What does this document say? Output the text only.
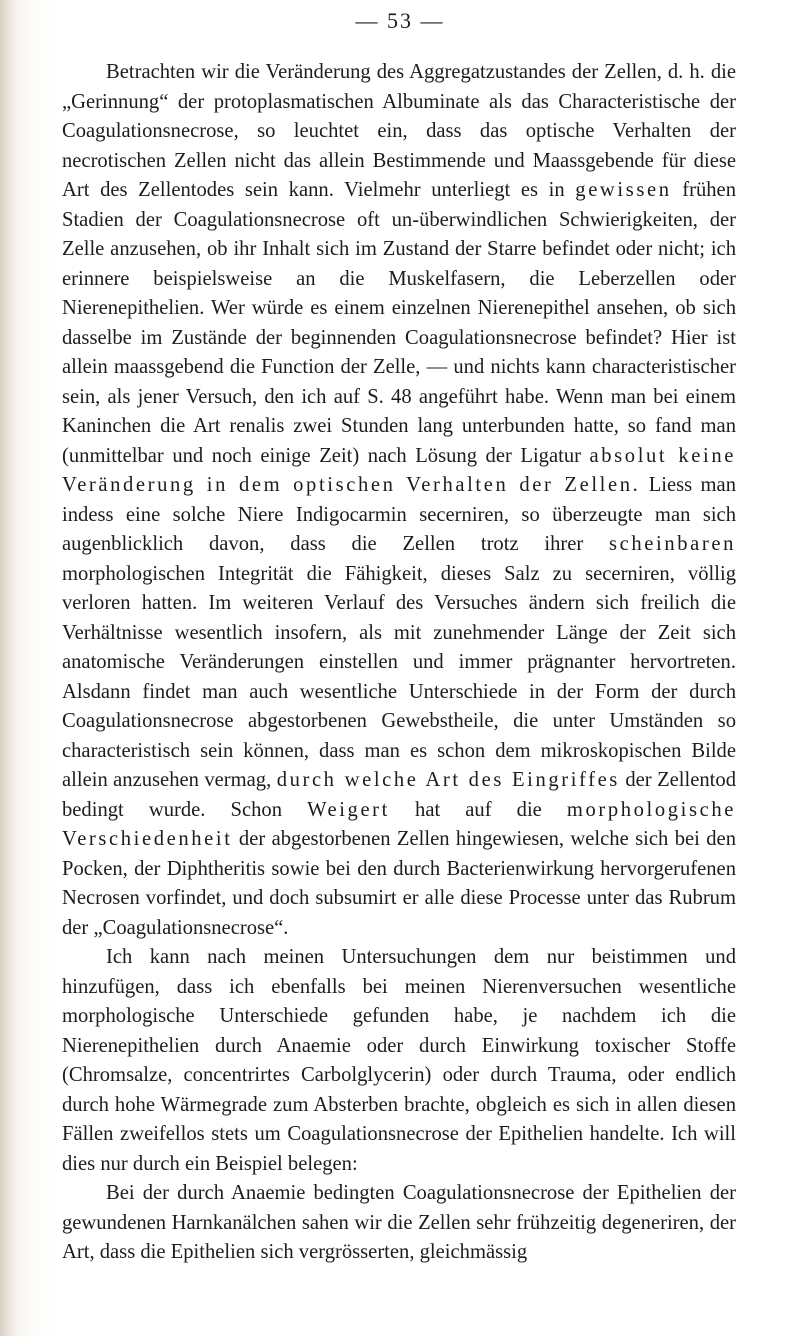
— 53 —

Betrachten wir die Veränderung des Aggregatzustandes der Zellen, d. h. die „Gerinnung“ der protoplasmatischen Albuminate als das Characteristische der Coagulationsnecrose, so leuchtet ein, dass das optische Verhalten der necrotischen Zellen nicht das allein Bestimmende und Maassgebende für diese Art des Zellentodes sein kann. Vielmehr unterliegt es in gewissen frühen Stadien der Coagulationsnecrose oft un-überwindlichen Schwierigkeiten, der Zelle anzusehen, ob ihr Inhalt sich im Zustand der Starre befindet oder nicht; ich erinnere beispielsweise an die Muskelfasern, die Leberzellen oder Nierenepithelien. Wer würde es einem einzelnen Nierenepithel ansehen, ob sich dasselbe im Zustände der beginnenden Coagulationsnecrose befindet? Hier ist allein maassgebend die Function der Zelle, — und nichts kann characteristischer sein, als jener Versuch, den ich auf S. 48 angeführt habe. Wenn man bei einem Kaninchen die Art renalis zwei Stunden lang unterbunden hatte, so fand man (unmittelbar und noch einige Zeit) nach Lösung der Ligatur absolut keine Veränderung in dem optischen Verhalten der Zellen. Liess man indess eine solche Niere Indigocarmin secerniren, so überzeugte man sich augenblicklich davon, dass die Zellen trotz ihrer scheinbaren morphologischen Integrität die Fähigkeit, dieses Salz zu secerniren, völlig verloren hatten. Im weiteren Verlauf des Versuches ändern sich freilich die Verhältnisse wesentlich insofern, als mit zunehmender Länge der Zeit sich anatomische Veränderungen einstellen und immer prägnanter hervortreten. Alsdann findet man auch wesentliche Unterschiede in der Form der durch Coagulationsnecrose abgestorbenen Gewebstheile, die unter Umständen so characteristisch sein können, dass man es schon dem mikroskopischen Bilde allein anzusehen vermag, durch welche Art des Eingriffes der Zellentod bedingt wurde. Schon Weigert hat auf die morphologische Verschiedenheit der abgestorbenen Zellen hingewiesen, welche sich bei den Pocken, der Diphtheritis sowie bei den durch Bacterienwirkung hervorgerufenen Necrosen vorfindet, und doch subsumirt er alle diese Processe unter das Rubrum der „Coagulationsnecrose“.

Ich kann nach meinen Untersuchungen dem nur beistimmen und hinzufügen, dass ich ebenfalls bei meinen Nierenversuchen wesentliche morphologische Unterschiede gefunden habe, je nachdem ich die Nierenepithelien durch Anaemie oder durch Einwirkung toxischer Stoffe (Chromsalze, concentrirtes Carbolglycerin) oder durch Trauma, oder endlich durch hohe Wärmegrade zum Absterben brachte, obgleich es sich in allen diesen Fällen zweifellos stets um Coagulationsnecrose der Epithelien handelte. Ich will dies nur durch ein Beispiel belegen:

Bei der durch Anaemie bedingten Coagulationsnecrose der Epithelien der gewundenen Harnkanälchen sahen wir die Zellen sehr frühzeitig degeneriren, der Art, dass die Epithelien sich vergrösserten, gleichmässig
